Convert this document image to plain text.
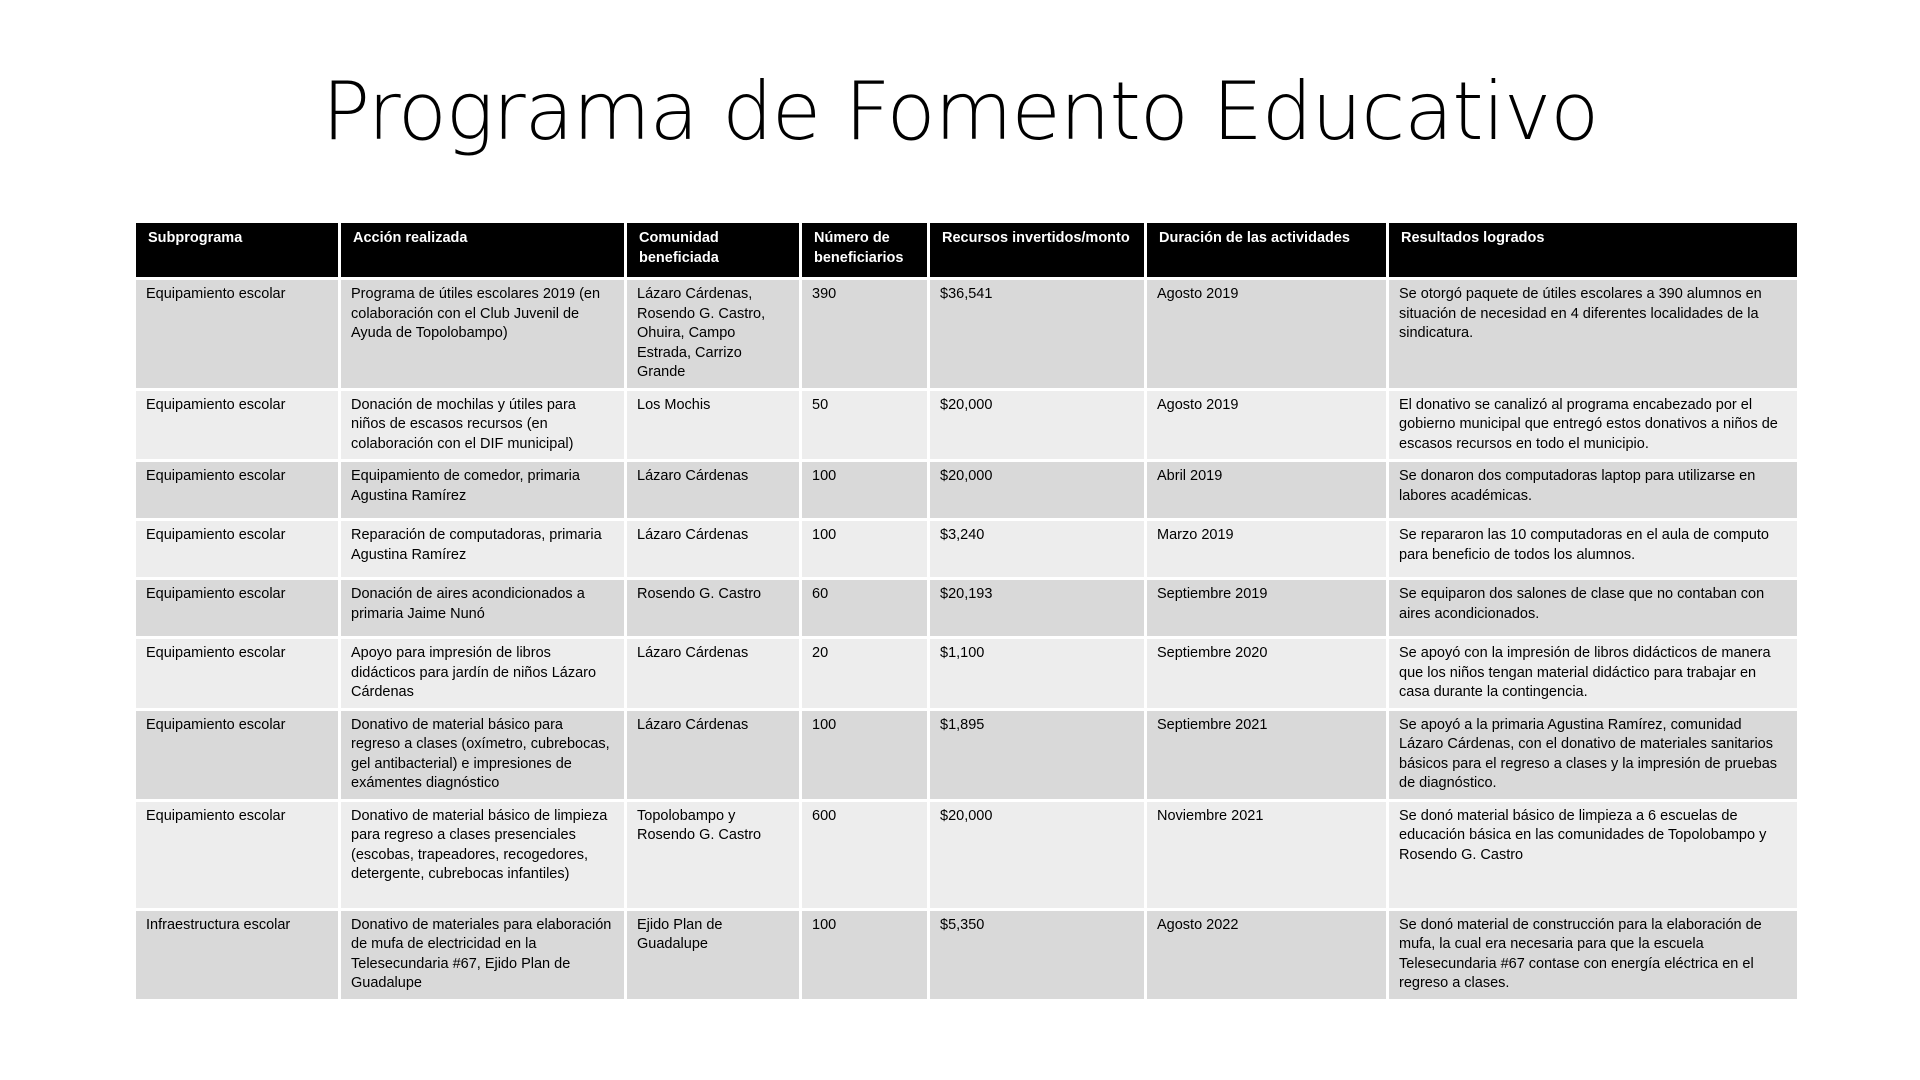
Programa de Fomento Educativo
Subprograma	Acción realizada	Comunidad beneficiada	Número de beneficiarios	Recursos invertidos/monto	Duración de las actividades	Resultados logrados
Equipamiento escolar	Programa de útiles escolares 2019 (en colaboración con el Club Juvenil de Ayuda de Topolobampo)	Lázaro Cárdenas, Rosendo G. Castro, Ohuira, Campo Estrada, Carrizo Grande	390	$36,541	Agosto 2019	Se otorgó paquete de útiles escolares a 390 alumnos en situación de necesidad en 4 diferentes localidades de la sindicatura.
Equipamiento escolar	Donación de mochilas y útiles para niños de escasos recursos (en colaboración con el DIF municipal)	Los Mochis	50	$20,000	Agosto 2019	El donativo se canalizó al programa encabezado por el gobierno municipal que entregó estos donativos a niños de escasos recursos en todo el municipio.
Equipamiento escolar	Equipamiento de comedor, primaria Agustina Ramírez	Lázaro Cárdenas	100	$20,000	Abril 2019	Se donaron dos computadoras laptop para utilizarse en labores académicas.
Equipamiento escolar	Reparación de computadoras, primaria Agustina Ramírez	Lázaro Cárdenas	100	$3,240	Marzo 2019	Se repararon las 10 computadoras en el aula de computo para beneficio de todos los alumnos.
Equipamiento escolar	Donación de aires acondicionados a primaria Jaime Nunó	Rosendo G. Castro	60	$20,193	Septiembre 2019	Se equiparon dos salones de clase que no contaban con aires acondicionados.
Equipamiento escolar	Apoyo para impresión de libros didácticos para jardín de niños Lázaro Cárdenas	Lázaro Cárdenas	20	$1,100	Septiembre 2020	Se apoyó con la impresión de libros didácticos de manera que los niños tengan material didáctico para trabajar en casa durante la contingencia.
Equipamiento escolar	Donativo de material básico para regreso a clases (oxímetro, cubrebocas, gel antibacterial) e impresiones de exámentes diagnóstico	Lázaro Cárdenas	100	$1,895	Septiembre 2021	Se apoyó a la primaria Agustina Ramírez, comunidad Lázaro Cárdenas, con el donativo de materiales sanitarios básicos para el regreso a clases y la impresión de pruebas de diagnóstico.
Equipamiento escolar	Donativo de material básico de limpieza para regreso a clases presenciales (escobas, trapeadores, recogedores, detergente, cubrebocas infantiles)	Topolobampo y Rosendo G. Castro	600	$20,000	Noviembre 2021	Se donó material básico de limpieza a 6 escuelas de educación básica en las comunidades de Topolobampo y Rosendo G. Castro
Infraestructura escolar	Donativo de materiales para elaboración de mufa de electricidad en la Telesecundaria #67, Ejido Plan de Guadalupe	Ejido Plan de Guadalupe	100	$5,350	Agosto 2022	Se donó material de construcción para la elaboración de mufa, la cual era necesaria para que la escuela Telesecundaria #67 contase con energía eléctrica en el regreso a clases.
